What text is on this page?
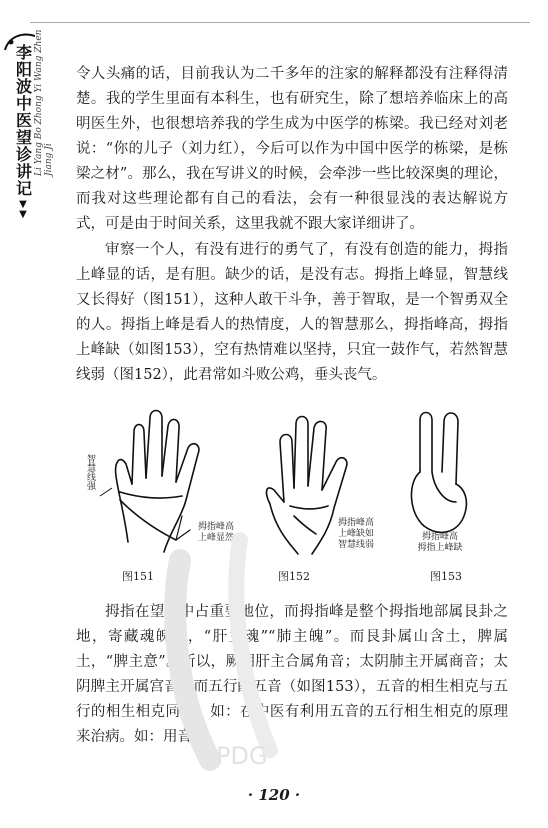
李阳波中医望诊讲记
▼
▼
Li Yang Bo Zhong Yi Wang Zhen Jiang Ji

令人头痛的话，目前我认为二千多年的注家的解释都没有注释得清楚。我的学生里面有本科生，也有研究生，除了想培养临床上的高明医生外，也很想培养我的学生成为中医学的栋梁。我已经对刘老说：“你的儿子（刘力红），今后可以作为中国中医学的栋梁，是栋梁之材”。那么，我在写讲义的时候，会牵涉一些比较深奥的理论，而我对这些理论都有自己的看法，会有一种很显浅的表达解说方式，可是由于时间关系，这里我就不跟大家详细讲了。

审察一个人，有没有进行的勇气了，有没有创造的能力，拇指上峰显的话，是有胆。缺少的话，是没有志。拇指上峰显，智慧线又长得好（图151），这种人敢干斗争，善于智取，是一个智勇双全的人。拇指上峰是看人的热情度，人的智慧那么，拇指峰高，拇指上峰缺（如图153），空有热情难以坚持，只宜一鼓作气，若然智慧线弱（图152），此君常如斗败公鸡，垂头丧气。

智慧线强
拇指峰高
上峰显然
图151
拇指峰高
上峰缺如
智慧线弱
图152
拇指峰高
拇指上峰缺
图153

拇指在望手中占重要地位，而拇指峰是整个拇指地部属艮卦之地，寄藏魂魄意，“肝主魂”“肺主魄”。而艮卦属山含土，脾属土，“脾主意”。所以，厥阴肝主合属角音；太阴肺主开属商音；太阴脾主开属宫音。而五行配五音（如图153），五音的相生相克与五行的相生相克同理。如：在中医有利用五音的五行相生相克的原理来治病。如：用音乐

PDG
· 120 ·
